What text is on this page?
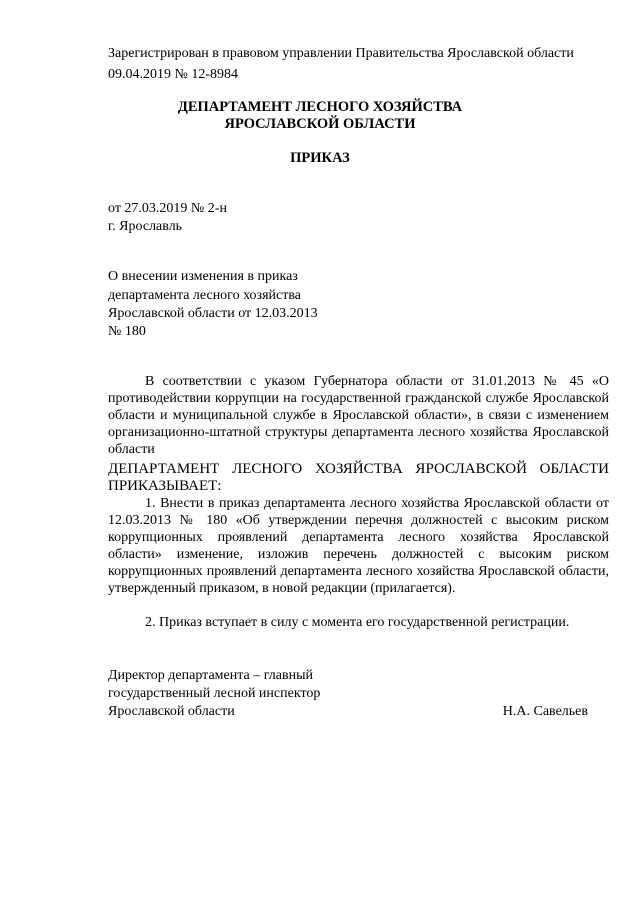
Зарегистрирован в правовом управлении Правительства Ярославской области
09.04.2019 № 12-8984
ДЕПАРТАМЕНТ ЛЕСНОГО ХОЗЯЙСТВА
ЯРОСЛАВСКОЙ ОБЛАСТИ
ПРИКАЗ
от 27.03.2019 № 2-н
г. Ярославль
О внесении изменения в приказ
департамента лесного хозяйства
Ярославской области от 12.03.2013
№ 180
В соответствии с указом Губернатора области от 31.01.2013 № 45 «О противодействии коррупции на государственной гражданской службе Ярославской области и муниципальной службе в Ярославской области», в связи с изменением организационно-штатной структуры департамента лесного хозяйства Ярославской области
ДЕПАРТАМЕНТ ЛЕСНОГО ХОЗЯЙСТВА ЯРОСЛАВСКОЙ ОБЛАСТИ
ПРИКАЗЫВАЕТ:
1. Внести в приказ департамента лесного хозяйства Ярославской области от 12.03.2013 № 180 «Об утверждении перечня должностей с высоким риском коррупционных проявлений департамента лесного хозяйства Ярославской области» изменение, изложив перечень должностей с высоким риском коррупционных проявлений департамента лесного хозяйства Ярославской области, утвержденный приказом, в новой редакции (прилагается).
2. Приказ вступает в силу с момента его государственной регистрации.
Директор департамента – главный
государственный лесной инспектор
Ярославской области	Н.А. Савельев
